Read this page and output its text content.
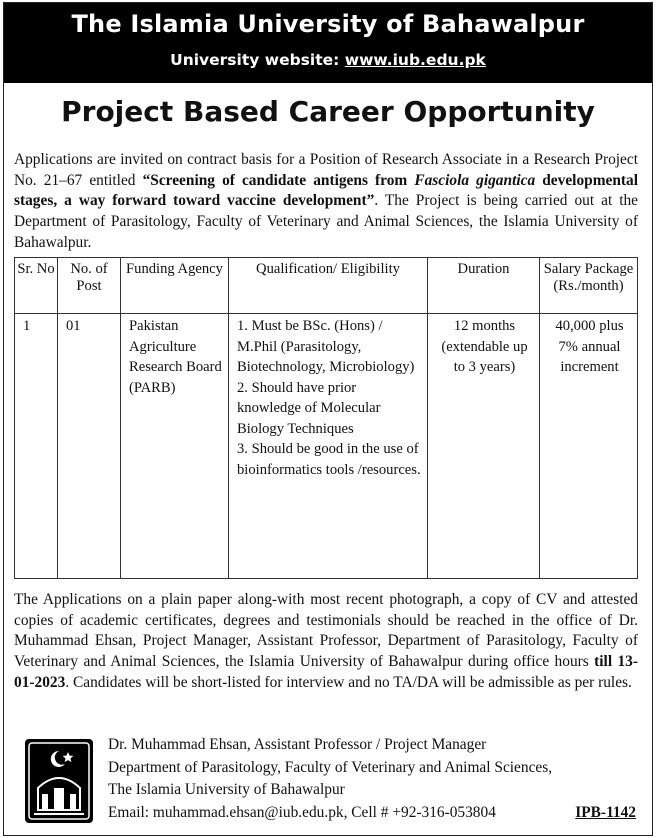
The Islamia University of Bahawalpur
University website: www.iub.edu.pk
Project Based Career Opportunity

Applications are invited on contract basis for a Position of Research Associate in a Research Project No. 21–67 entitled “Screening of candidate antigens from Fasciola gigantica developmental stages, a way forward toward vaccine development”. The Project is being carried out at the Department of Parasitology, Faculty of Veterinary and Animal Sciences, the Islamia University of Bahawalpur.

Sr. No	No. of Post	Funding Agency	Qualification/ Eligibility	Duration	Salary Package (Rs./month)
1	01	Pakistan Agriculture Research Board (PARB)	1. Must be BSc. (Hons) / M.Phil (Parasitology, Biotechnology, Microbiology)
2. Should have prior knowledge of Molecular Biology Techniques
3. Should be good in the use of bioinformatics tools /resources.	12 months (extendable up to 3 years)	40,000 plus 7% annual increment

The Applications on a plain paper along-with most recent photograph, a copy of CV and attested copies of academic certificates, degrees and testimonials should be reached in the office of Dr. Muhammad Ehsan, Project Manager, Assistant Professor, Department of Parasitology, Faculty of Veterinary and Animal Sciences, the Islamia University of Bahawalpur during office hours till 13-01-2023. Candidates will be short-listed for interview and no TA/DA will be admissible as per rules.

Dr. Muhammad Ehsan, Assistant Professor / Project Manager
Department of Parasitology, Faculty of Veterinary and Animal Sciences,
The Islamia University of Bahawalpur
Email: muhammad.ehsan@iub.edu.pk, Cell # +92-316-053804	IPB-1142
